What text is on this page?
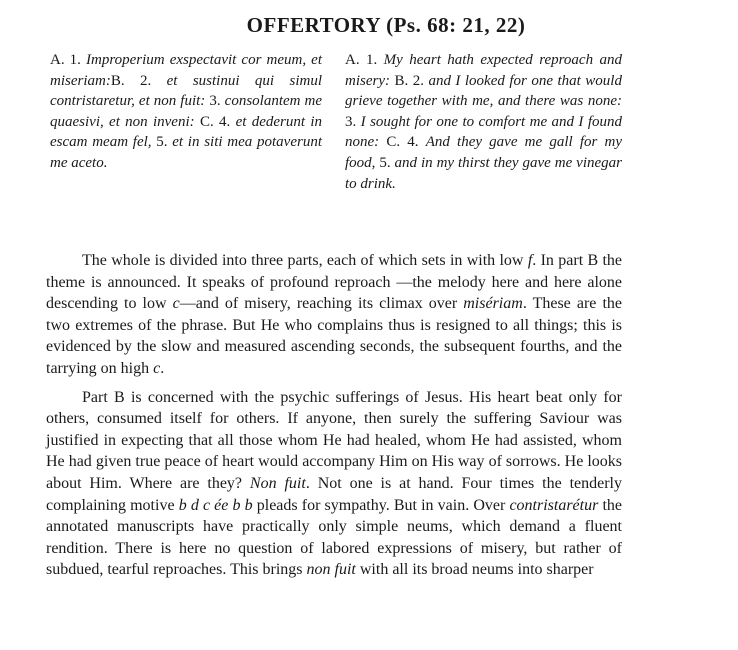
OFFERTORY (Ps. 68: 21, 22)
A. 1. Improperium exspectavit cor meum, et miseriam:B. 2. et sustinui qui simul contristaretur, et non fuit: 3. consolantem me quaesivi, et non inveni: C. 4. et dederunt in escam meam fel, 5. et in siti mea potaverunt me aceto.
A. 1. My heart hath expected reproach and misery: B. 2. and I looked for one that would grieve together with me, and there was none: 3. I sought for one to comfort me and I found none: C. 4. And they gave me gall for my food, 5. and in my thirst they gave me vinegar to drink.

The whole is divided into three parts, each of which sets in with low f. In part B the theme is announced. It speaks of profound reproach —the melody here and here alone descending to low c—and of misery, reaching its climax over misériam. These are the two extremes of the phrase. But He who complains thus is resigned to all things; this is evidenced by the slow and measured ascending seconds, the subsequent fourths, and the tarrying on high c.

Part B is concerned with the psychic sufferings of Jesus. His heart beat only for others, consumed itself for others. If anyone, then surely the suffering Saviour was justified in expecting that all those whom He had healed, whom He had assisted, whom He had given true peace of heart would accompany Him on His way of sorrows. He looks about Him. Where are they? Non fuit. Not one is at hand. Four times the tenderly complaining motive b d c ée b b pleads for sympathy. But in vain. Over contristarétur the annotated manuscripts have practically only simple neums, which demand a fluent rendition. There is here no question of labored expressions of misery, but rather of subdued, tearful reproaches. This brings non fuit with all its broad neums into sharper
